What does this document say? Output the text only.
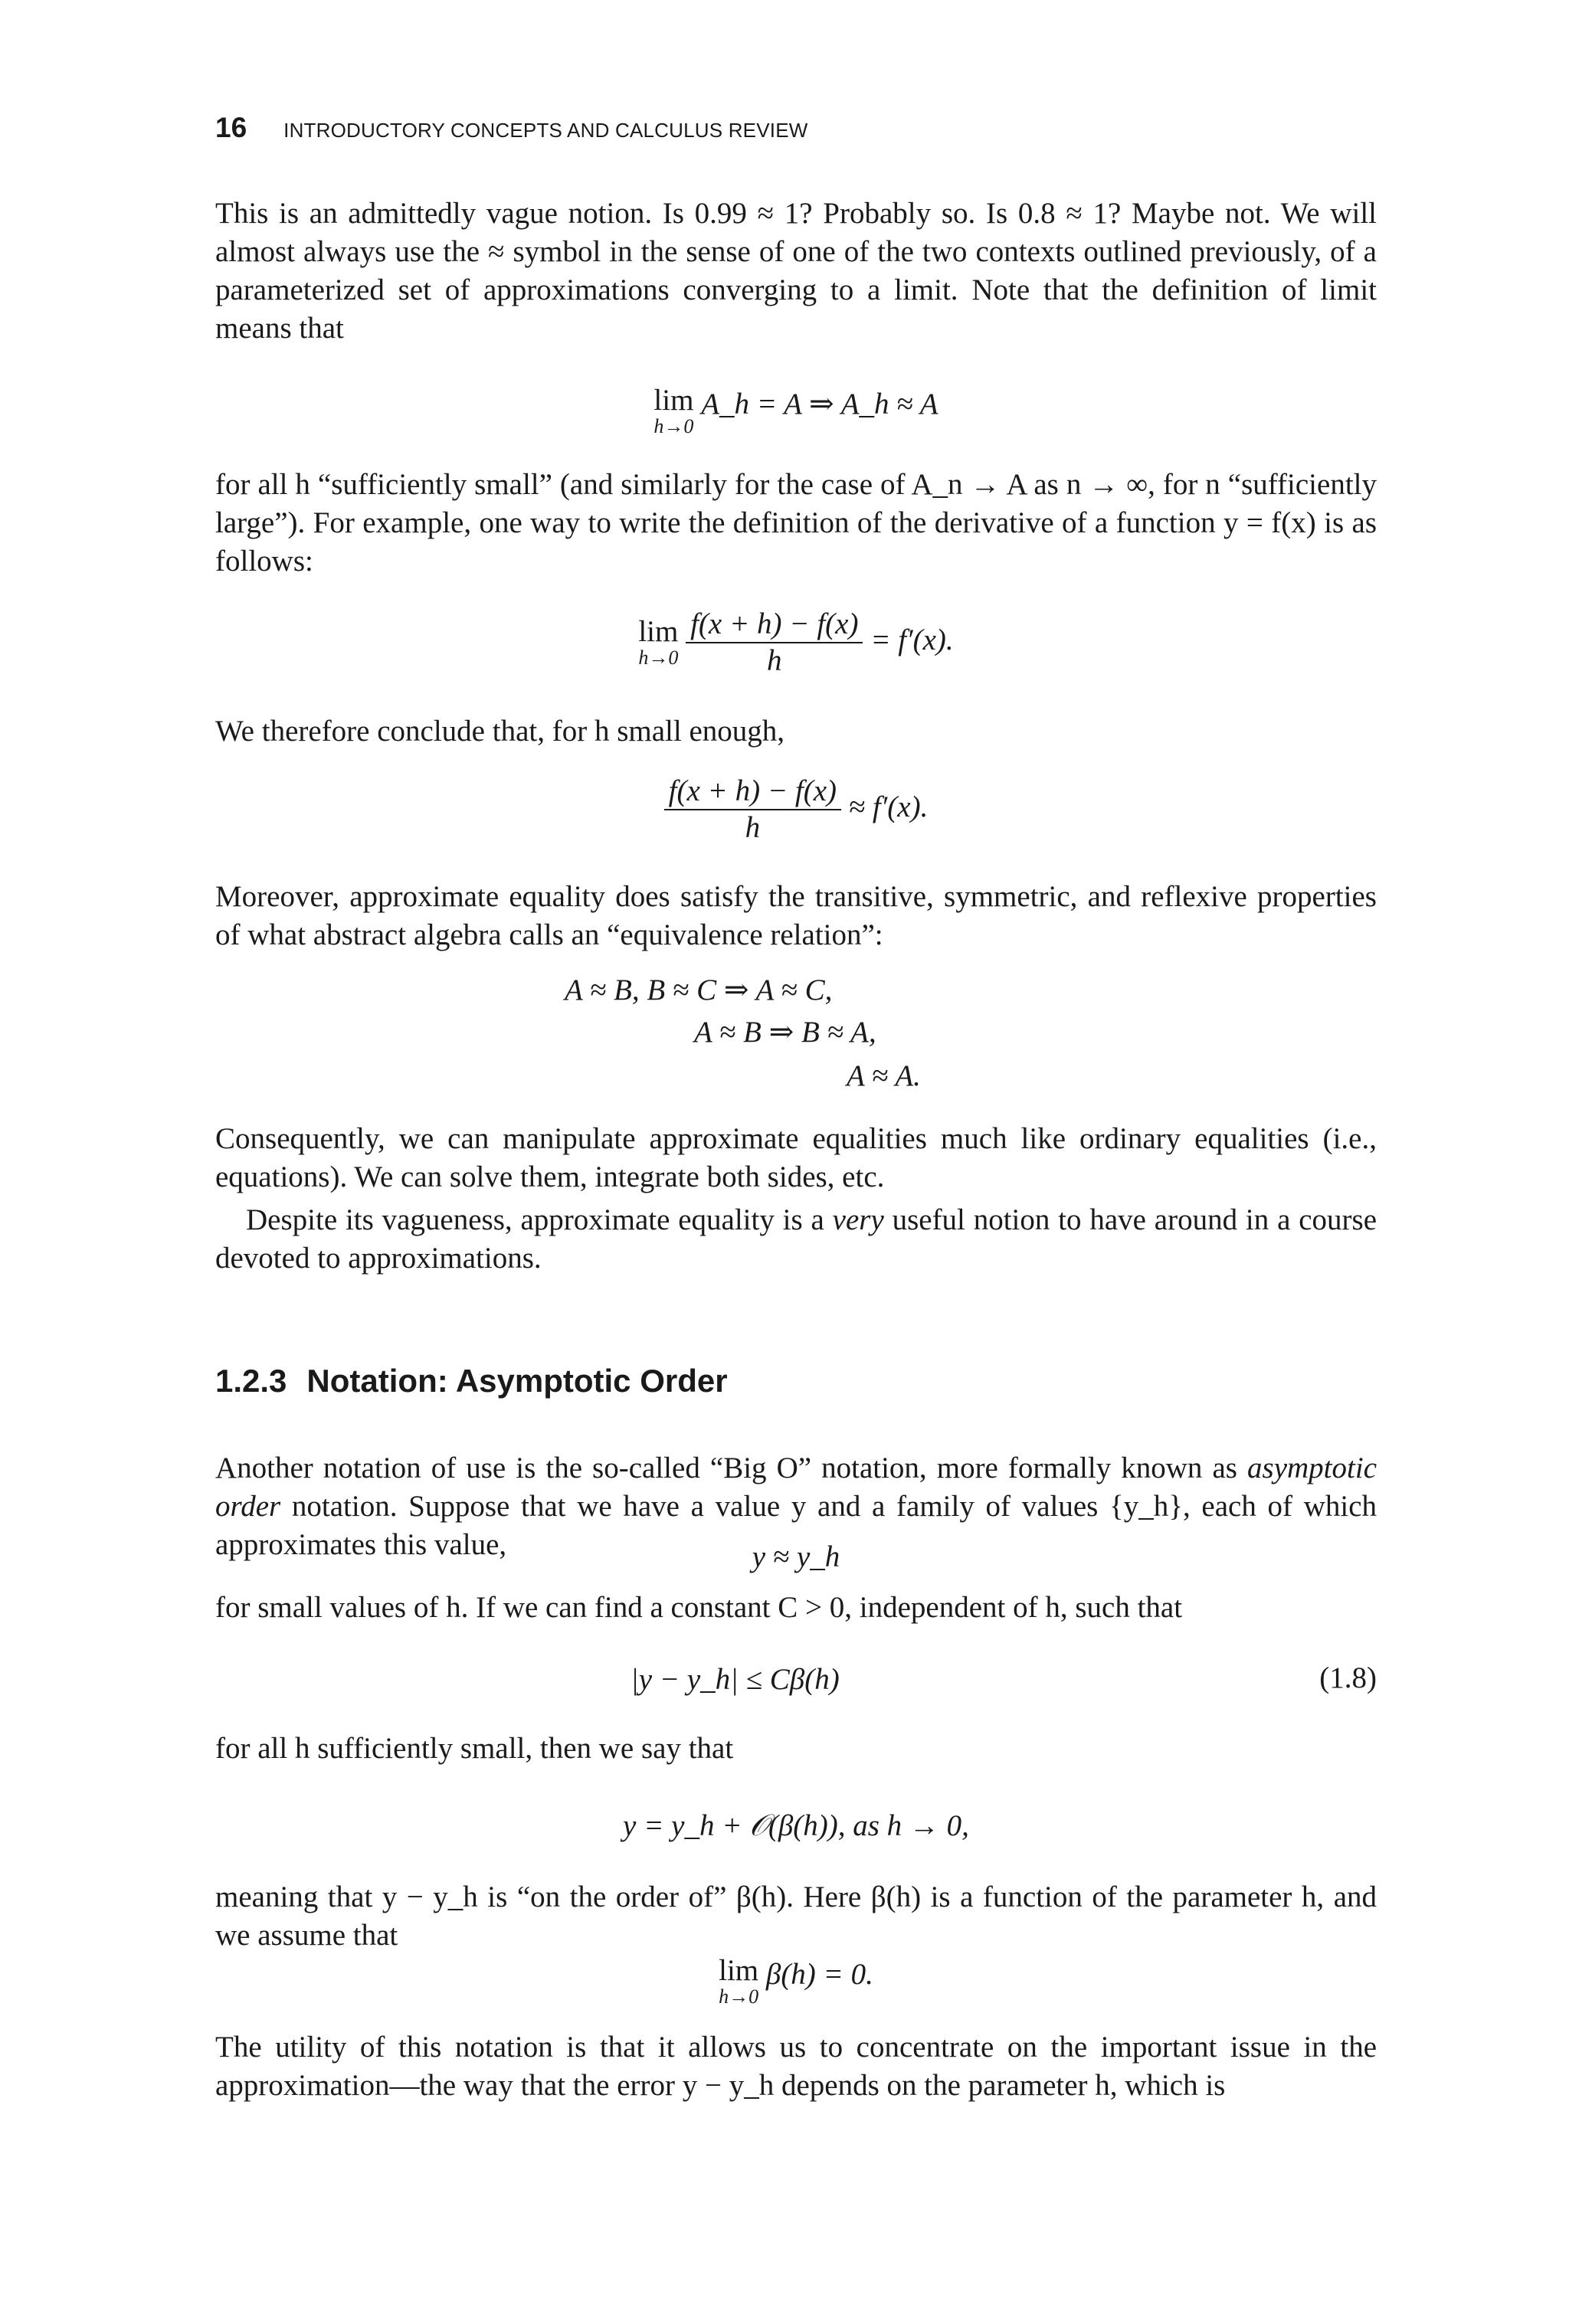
16 INTRODUCTORY CONCEPTS AND CALCULUS REVIEW

This is an admittedly vague notion. Is 0.99 ≈ 1? Probably so. Is 0.8 ≈ 1? Maybe not. We will almost always use the ≈ symbol in the sense of one of the two contexts outlined previously, of a parameterized set of approximations converging to a limit. Note that the definition of limit means that

lim
h→0
A_h = A ⇒ A_h ≈ A

for all h “sufficiently small” (and similarly for the case of A_n → A as n → ∞, for n “sufficiently large”). For example, one way to write the definition of the derivative of a function y = f(x) is as follows:

lim
h→0
$\frac{f(x + h) - f(x)}{h} = f'(x)$.

We therefore conclude that, for h small enough,

$\frac{f(x + h) - f(x)}{h} \approx f'(x)$.

Moreover, approximate equality does satisfy the transitive, symmetric, and reflexive properties of what abstract algebra calls an “equivalence relation”:

A ≈ B, B ≈ C ⇒ A ≈ C,
A ≈ B ⇒ B ≈ A,
A ≈ A.

Consequently, we can manipulate approximate equalities much like ordinary equalities (i.e., equations). We can solve them, integrate both sides, etc.

Despite its vagueness, approximate equality is a very useful notion to have around in a course devoted to approximations.

1.2.3 Notation: Asymptotic Order

Another notation of use is the so-called “Big O” notation, more formally known as asymptotic order notation. Suppose that we have a value y and a family of values {y_h}, each of which approximates this value,	y ≈ y_h

for small values of h. If we can find a constant C > 0, independent of h, such that

|y − y_h| ≤ Cβ(h)	(1.8)

for all h sufficiently small, then we say that

y = y_h + 𝒪(β(h)), as h → 0,

meaning that y − y_h is “on the order of” β(h). Here β(h) is a function of the parameter h, and we assume that

lim
h→0
β(h) = 0.

The utility of this notation is that it allows us to concentrate on the important issue in the approximation—the way that the error y − y_h depends on the parameter h, which is
